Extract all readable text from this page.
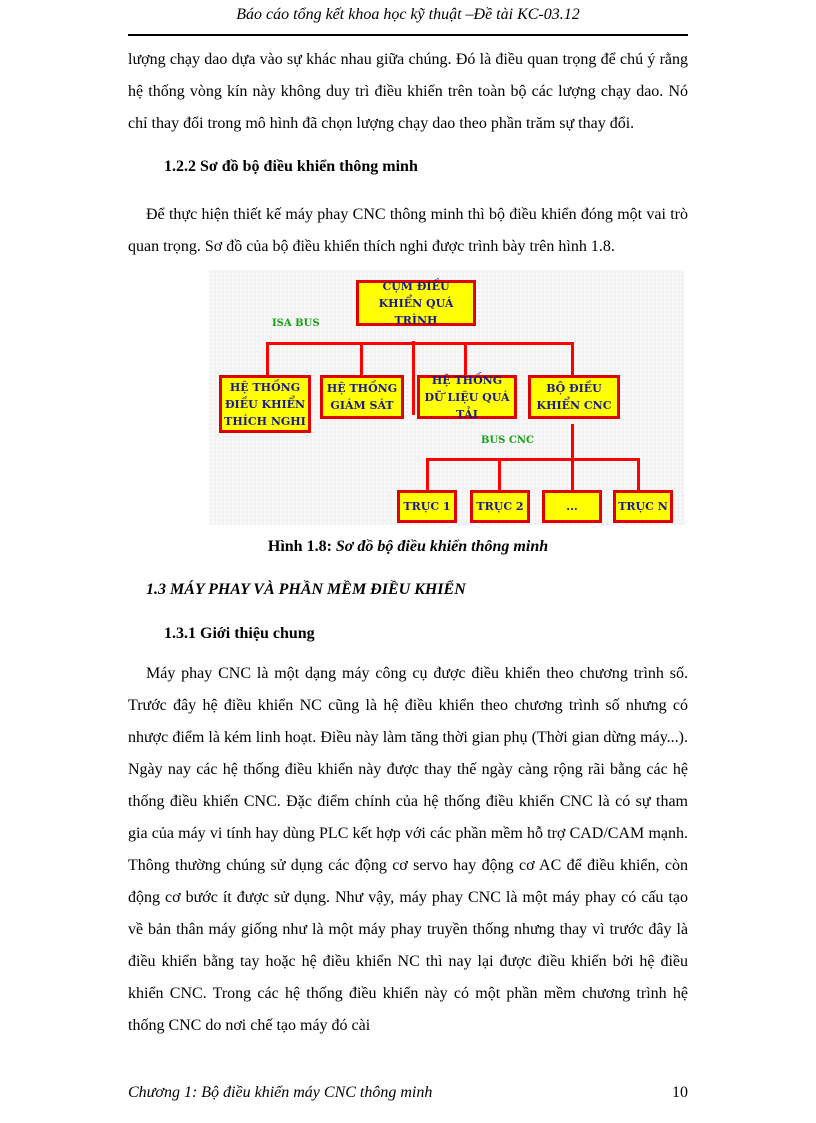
Báo cáo tổng kết khoa học kỹ thuật –Đề tài KC-03.12

lượng chạy dao dựa vào sự khác nhau giữa chúng. Đó là điều quan trọng để chú ý rằng hệ thống vòng kín này không duy trì điều khiển trên toàn bộ các lượng chạy dao. Nó chỉ thay đổi trong mô hình đã chọn lượng chạy dao theo phần trăm sự thay đổi.

1.2.2 Sơ đồ bộ điều khiển thông minh

Để thực hiện thiết kế máy phay CNC thông minh thì bộ điều khiển đóng một vai trò quan trọng. Sơ đồ của bộ điều khiển thích nghi được trình bày trên hình 1.8.

CỤM ĐIỀU KHIỂN QUÁ TRÌNH
ISA BUS
HỆ THỐNG ĐIỀU KHIỂN THÍCH NGHI
HỆ THỐNG GIÁM SÁT
HỆ THỐNG DỮ LIỆU QUÁ TẢI
BỘ ĐIỀU KHIỂN CNC
BUS CNC
TRỤC 1 TRỤC 2	...	TRỤC N
Hình 1.8: Sơ đồ bộ điều khiển thông minh
1.3 MÁY PHAY VÀ PHẦN MỀM ĐIỀU KHIỂN
1.3.1 Giới thiệu chung

Máy phay CNC là một dạng máy công cụ được điều khiển theo chương trình số. Trước đây hệ điều khiển NC cũng là hệ điều khiển theo chương trình số nhưng có nhược điểm là kém linh hoạt. Điều này làm tăng thời gian phụ (Thời gian dừng máy...). Ngày nay các hệ thống điều khiển này được thay thế ngày càng rộng rãi bằng các hệ thống điều khiển CNC. Đặc điểm chính của hệ thống điều khiển CNC là có sự tham gia của máy vi tính hay dùng PLC kết hợp với các phần mềm hỗ trợ CAD/CAM mạnh. Thông thường chúng sử dụng các động cơ servo hay động cơ AC để điều khiển, còn động cơ bước ít được sử dụng. Như vậy, máy phay CNC là một máy phay có cấu tạo về bản thân máy giống như là một máy phay truyền thống nhưng thay vì trước đây là điều khiển bằng tay hoặc hệ điều khiển NC thì nay lại được điều khiển bởi hệ điều khiển CNC. Trong các hệ thống điều khiển này có một phần mềm chương trình hệ thống CNC do nơi chế tạo máy đó cài

Chương 1: Bộ điều khiển máy CNC thông minh	10
